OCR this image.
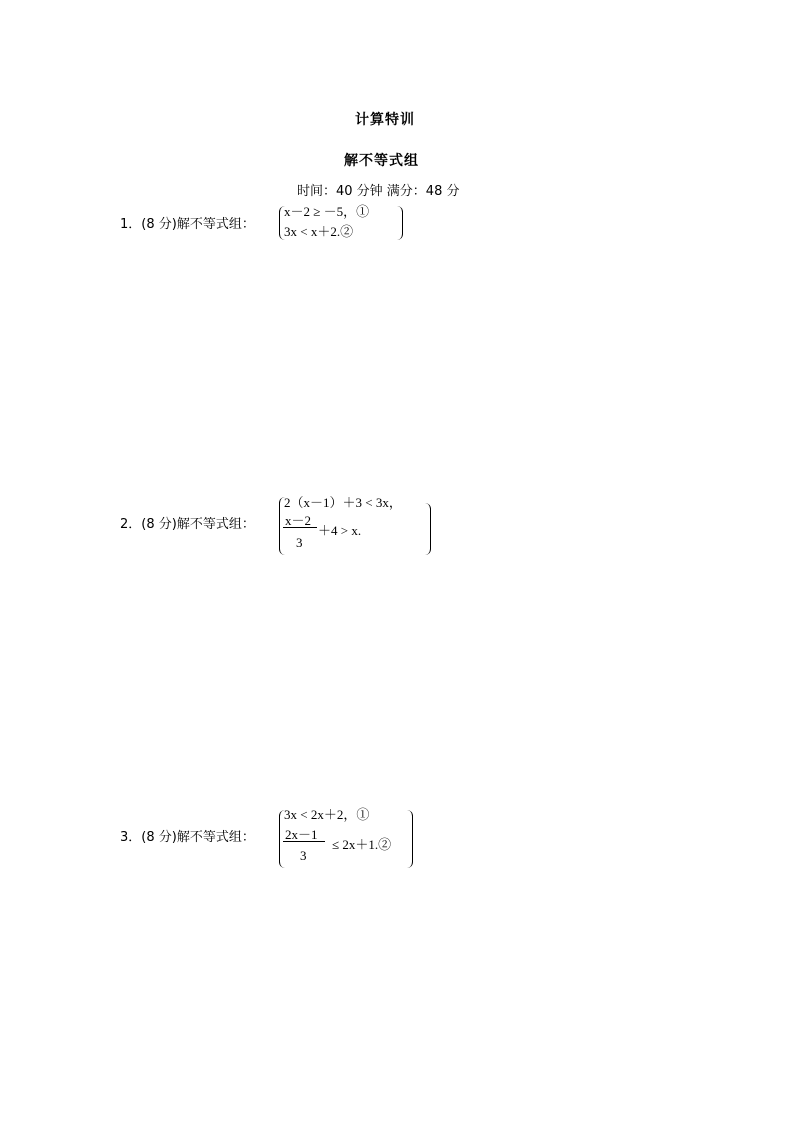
计算特训
解不等式组
时间：40 分钟 满分：48 分
1．(8 分)解不等式组：
x－2 ≥ －5，①
3x < x＋2.②
2．(8 分)解不等式组：
2（x－1）＋3 < 3x，
x－2
3
＋4 > x.
3．(8 分)解不等式组：
3x < 2x＋2，①
2x－1
3
≤ 2x＋1.②
